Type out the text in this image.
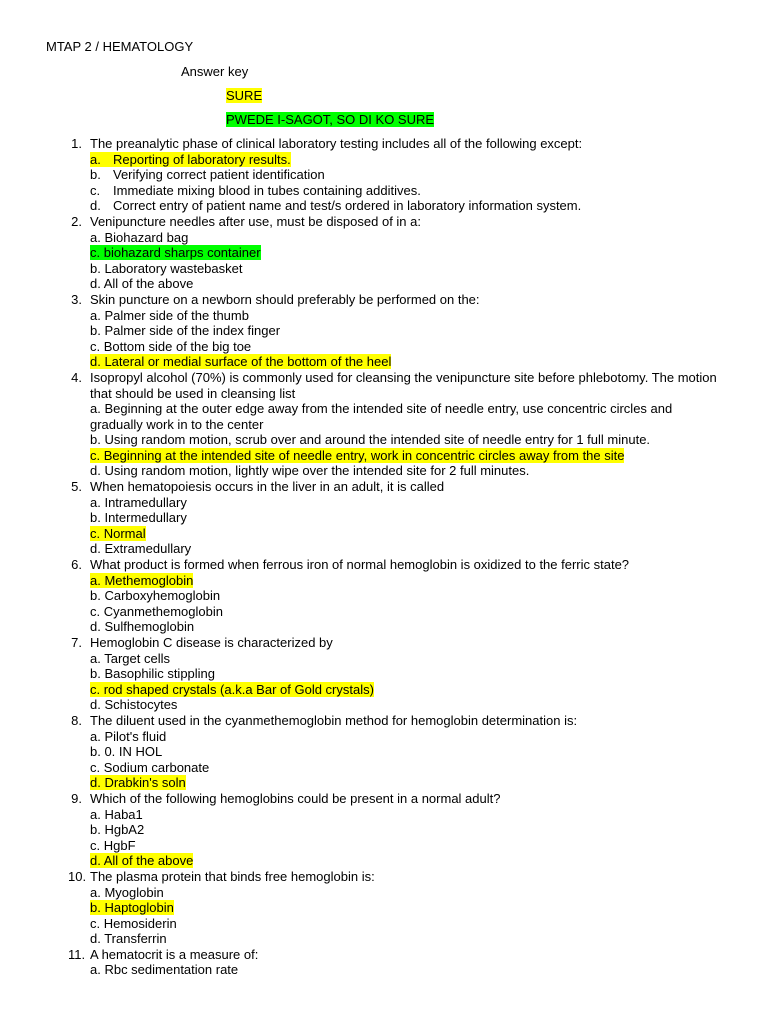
MTAP 2 / HEMATOLOGY
Answer key
SURE
PWEDE I-SAGOT, SO DI KO SURE
1. The preanalytic phase of clinical laboratory testing includes all of the following except:
a. Reporting of laboratory results.
b. Verifying correct patient identification
c. Immediate mixing blood in tubes containing additives.
d. Correct entry of patient name and test/s ordered in laboratory information system.
2. Venipuncture needles after use, must be disposed of in a:
a. Biohazard bag
c. biohazard sharps container
b. Laboratory wastebasket
d. All of the above
3. Skin puncture on a newborn should preferably be performed on the:
a. Palmer side of the thumb
b. Palmer side of the index finger
c. Bottom side of the big toe
d. Lateral or medial surface of the bottom of the heel
4. Isopropyl alcohol (70%) is commonly used for cleansing the venipuncture site before phlebotomy. The motion that should be used in cleansing list
a. Beginning at the outer edge away from the intended site of needle entry, use concentric circles and gradually work in to the center
b. Using random motion, scrub over and around the intended site of needle entry for 1 full minute.
c. Beginning at the intended site of needle entry, work in concentric circles away from the site
d. Using random motion, lightly wipe over the intended site for 2 full minutes.
5. When hematopoiesis occurs in the liver in an adult, it is called
a. Intramedullary
b. Intermedullary
c. Normal
d. Extramedullary
6. What product is formed when ferrous iron of normal hemoglobin is oxidized to the ferric state?
a. Methemoglobin
b. Carboxyhemoglobin
c. Cyanmethemoglobin
d. Sulfhemoglobin
7. Hemoglobin C disease is characterized by
a. Target cells
b. Basophilic stippling
c. rod shaped crystals (a.k.a Bar of Gold crystals)
d. Schistocytes
8. The diluent used in the cyanmethemoglobin method for hemoglobin determination is:
a. Pilot's fluid
b. 0. IN HOL
c. Sodium carbonate
d. Drabkin's soln
9. Which of the following hemoglobins could be present in a normal adult?
a. Haba1
b. HgbA2
c. HgbF
d. All of the above
10. The plasma protein that binds free hemoglobin is:
a. Myoglobin
b. Haptoglobin
c. Hemosiderin
d. Transferrin
11. A hematocrit is a measure of:
a. Rbc sedimentation rate
